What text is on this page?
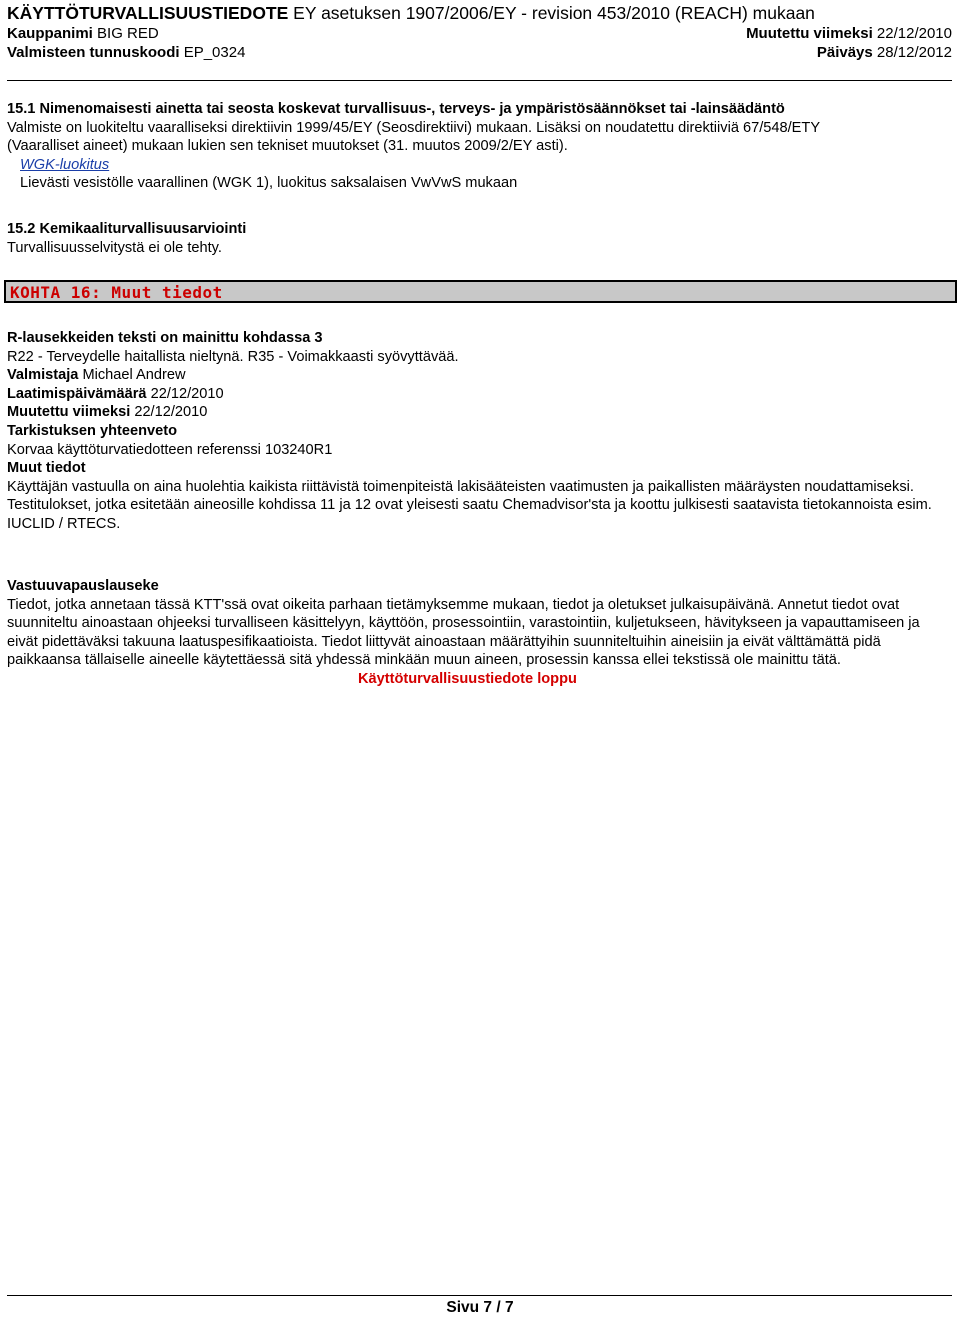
KÄYTTÖTURVALLISUUSTIEDOTE EY asetuksen 1907/2006/EY - revision 453/2010 (REACH) mukaan
Kauppanimi BIG RED	Muutettu viimeksi 22/12/2010
Valmisteen tunnuskoodi EP_0324	Päiväys 28/12/2012
15.1 Nimenomaisesti ainetta tai seosta koskevat turvallisuus-, terveys- ja ympäristösäännökset tai -lainsäädäntö
Valmiste on luokiteltu vaaralliseksi direktiivin 1999/45/EY (Seosdirektiivi) mukaan. Lisäksi on noudatettu direktiiviä 67/548/ETY
(Vaaralliset aineet) mukaan lukien sen tekniset muutokset (31. muutos 2009/2/EY asti).
WGK-luokitus
Lievästi vesistölle vaarallinen (WGK 1), luokitus saksalaisen VwVwS mukaan
15.2 Kemikaaliturvallisuusarviointi
Turvallisuusselvitystä ei ole tehty.
KOHTA 16: Muut tiedot
R-lausekkeiden teksti on mainittu kohdassa 3
R22 - Terveydelle haitallista nieltynä. R35 - Voimakkaasti syövyttävää.
Valmistaja Michael Andrew
Laatimispäivämäärä 22/12/2010
Muutettu viimeksi 22/12/2010
Tarkistuksen yhteenveto
Korvaa käyttöturvatiedotteen referenssi 103240R1
Muut tiedot
Käyttäjän vastuulla on aina huolehtia kaikista riittävistä toimenpiteistä lakisääteisten vaatimusten ja paikallisten määräysten noudattamiseksi.
Testitulokset, jotka esitetään aineosille kohdissa 11 ja 12 ovat yleisesti saatu Chemadvisor'sta ja koottu julkisesti saatavista tietokannoista esim. IUCLID / RTECS.
Vastuuvapauslauseke
Tiedot, jotka annetaan tässä KTT'ssä ovat oikeita parhaan tietämyksemme mukaan, tiedot ja oletukset julkaisupäivänä. Annetut tiedot ovat suunniteltu ainoastaan ohjeeksi turvalliseen käsittelyyn, käyttöön, prosessointiin, varastointiin, kuljetukseen, hävitykseen ja vapauttamiseen ja eivät pidettäväksi takuuna laatuspesifikaatioista. Tiedot liittyvät ainoastaan määrättyihin suunniteltuihin aineisiin ja eivät välttämättä pidä paikkaansa tällaiselle aineelle käytettäessä sitä yhdessä minkään muun aineen, prosessin kanssa ellei tekstissä ole mainittu tätä.
Käyttöturvallisuustiedote loppu
Sivu 7 / 7
